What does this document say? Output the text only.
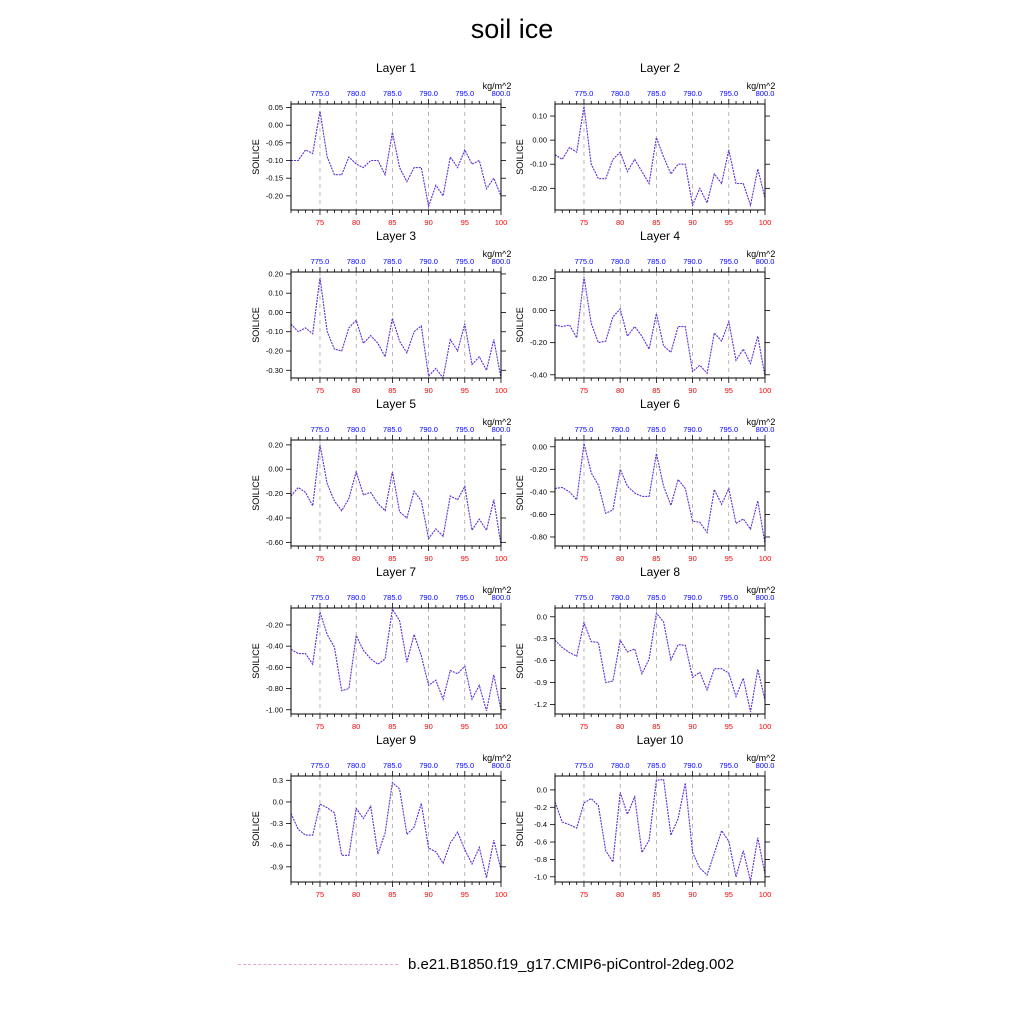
soil ice
Layer 1
kg/m^2
75	80	85	90	95	100
775.0 780.0 785.0 790.0 795.0 800.0
0.05
0.00
-0.05
-0.10
-0.15
-0.20
SOILICE
Layer 2
kg/m^2
75	80	85	90	95	100
775.0 780.0 785.0 790.0 795.0 800.0
0.10
0.00
-0.10
-0.20
SOILICE
Layer 3
kg/m^2
75	80	85	90	95	100
775.0 780.0 785.0 790.0 795.0 800.0
0.20
0.10
0.00
-0.10
-0.20
-0.30
SOILICE
Layer 4
kg/m^2
75	80	85	90	95	100
775.0 780.0 785.0 790.0 795.0 800.0
0.20
0.00
-0.20
-0.40
SOILICE
Layer 5
kg/m^2
75	80	85	90	95	100
775.0 780.0 785.0 790.0 795.0 800.0
0.20
0.00
-0.20
-0.40
-0.60
SOILICE
Layer 6
kg/m^2
75	80	85	90	95	100
775.0 780.0 785.0 790.0 795.0 800.0
0.00
-0.20
-0.40
-0.60
-0.80
SOILICE
Layer 7
kg/m^2
75	80	85	90	95	100
775.0 780.0 785.0 790.0 795.0 800.0
-0.20
-0.40
-0.60
-0.80
-1.00
SOILICE
Layer 8
kg/m^2
75	80	85	90	95	100
775.0 780.0 785.0 790.0 795.0 800.0
0.0
-0.3
-0.6
-0.9
-1.2
SOILICE
Layer 9
kg/m^2
75	80	85	90	95	100
775.0 780.0 785.0 790.0 795.0 800.0
0.3
0.0
-0.3
-0.6
-0.9
SOILICE
Layer 10
kg/m^2
75	80	85	90	95	100
775.0 780.0 785.0 790.0 795.0 800.0
0.0
-0.2
-0.4
-0.6
-0.8
-1.0
SOILICE
b.e21.B1850.f19_g17.CMIP6-piControl-2deg.002
